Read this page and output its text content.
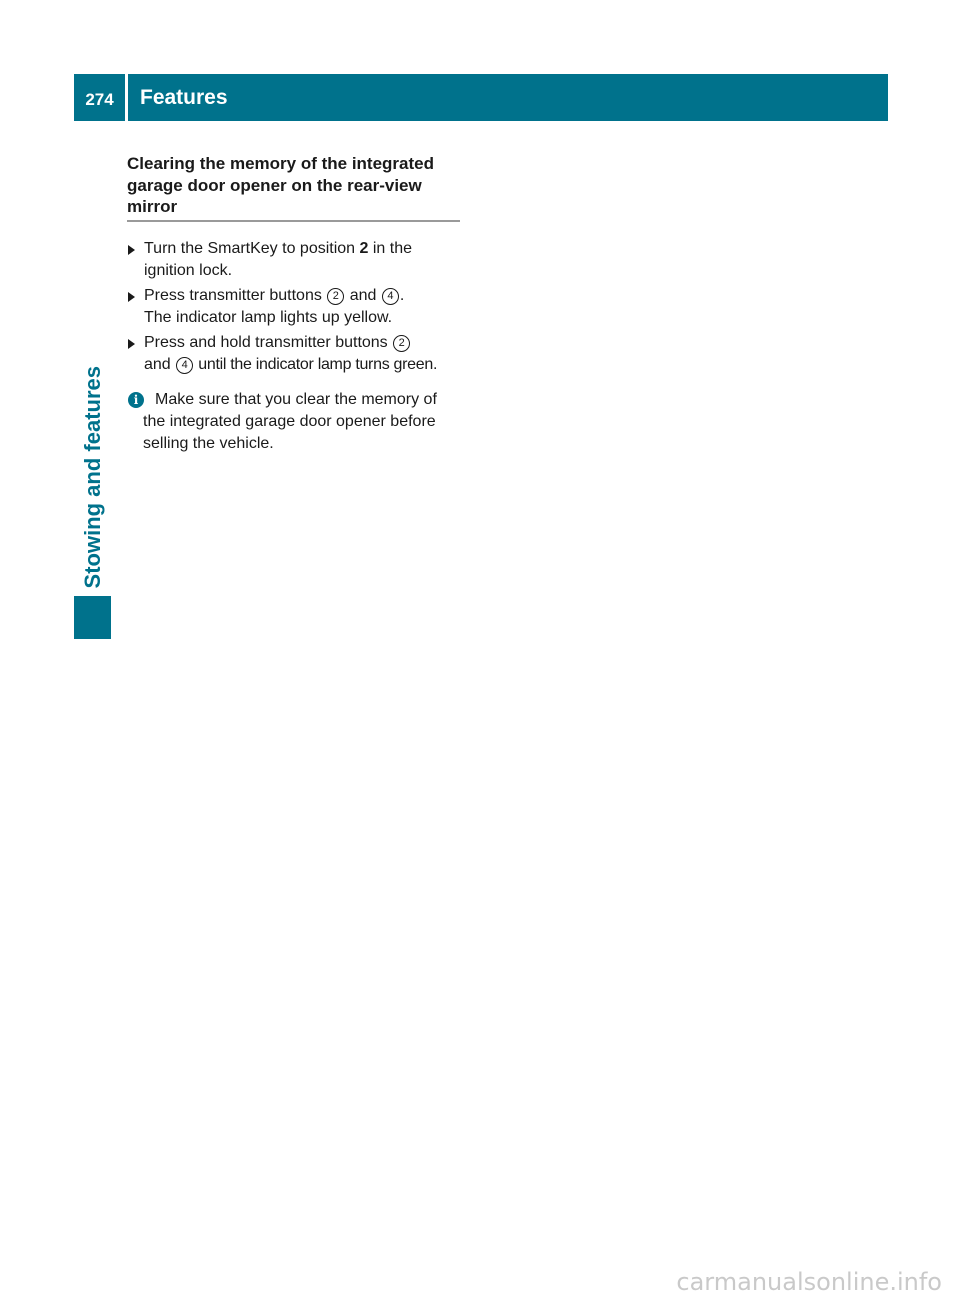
274	Features
Stowing and features
Clearing the memory of the integrated garage door opener on the rear-view mirror
Turn the SmartKey to position 2 in the ignition lock.
Press transmitter buttons 2 and 4 .
The indicator lamp lights up yellow.
Press and hold transmitter buttons 2
and 4 until the indicator lamp turns green.
i	Make sure that you clear the memory of
the integrated garage door opener before selling the vehicle.
carmanualsonline.info
